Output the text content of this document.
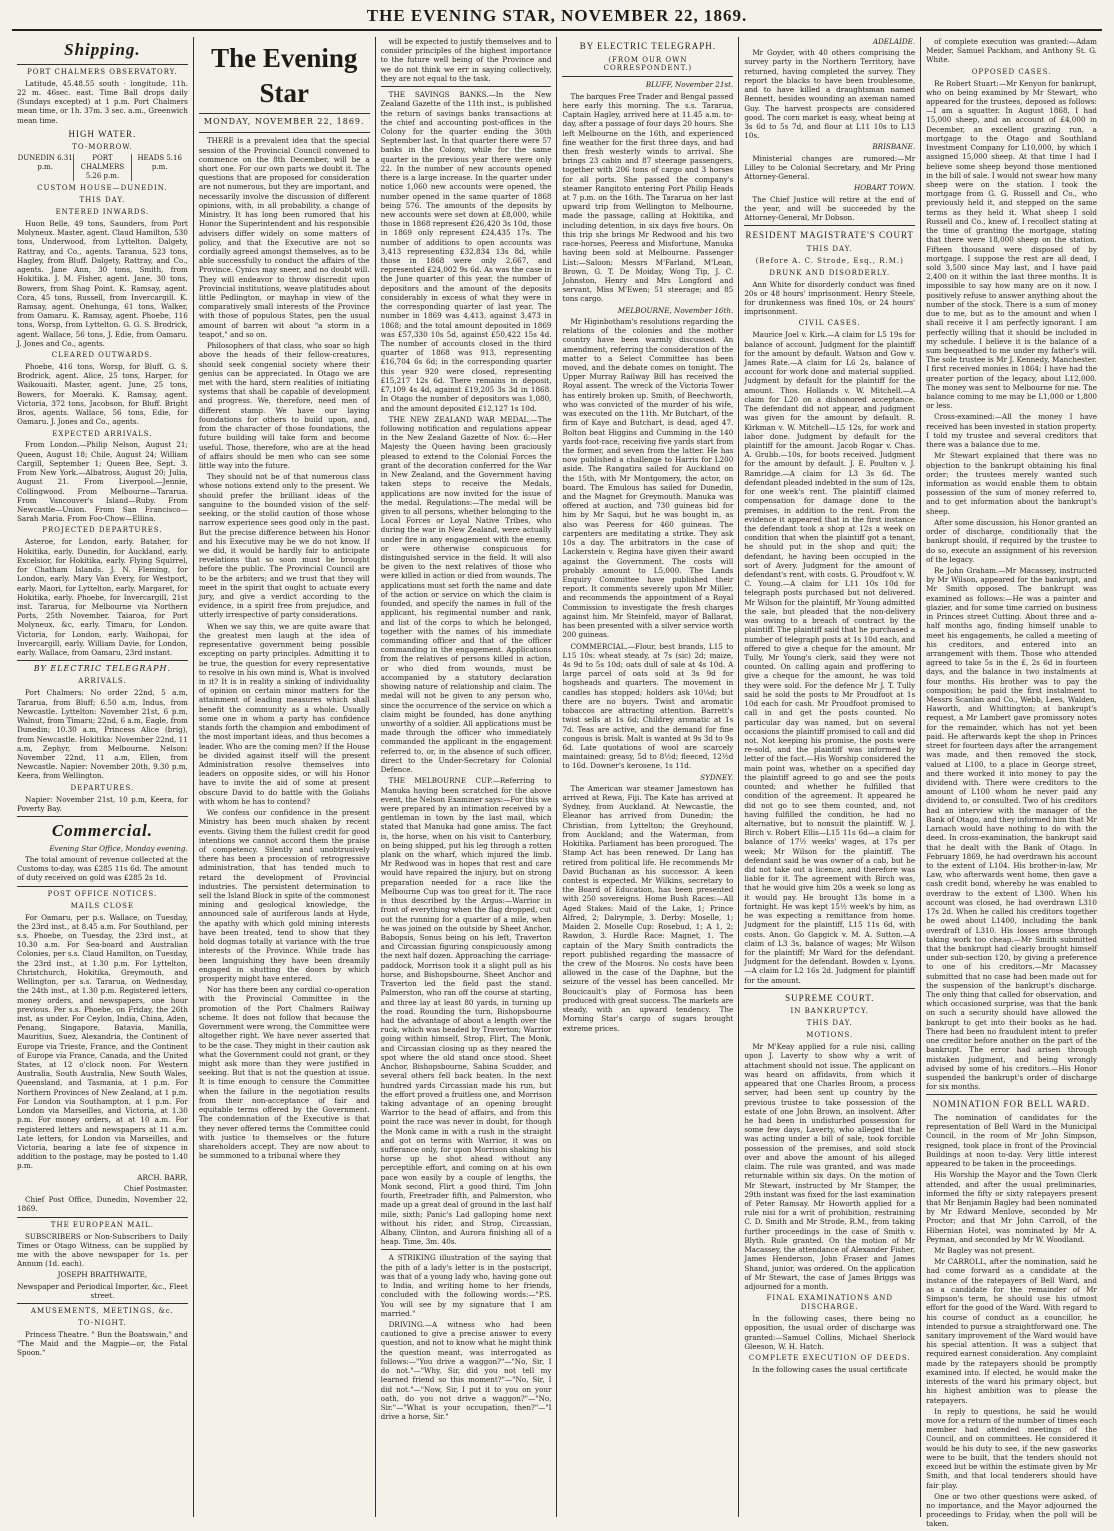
THE EVENING STAR, NOVEMBER 22, 1869.
Shipping.
PORT CHALMERS OBSERVATORY.

Latitude, 45.48.55 south · longitude, 11h. 22 m. 46sec. east. Time Ball drops daily (Sundays excepted) at 1 p.m. Port Chalmers mean time, or 1h. 37m. 3 sec. a.m., Greenwich mean time.

HIGH WATER.
TO-MORROW.
DUNEDIN 6.31 p.m.
PORT CHALMERS 5.26 p.m.
HEADS 5.16 p.m.
CUSTOM HOUSE—DUNEDIN.
THIS DAY.
ENTERED INWARDS.

Huon Belle, 49 tons, Saunders, from Port Molyneux. Master, agent. Claud Hamilton, 530 tons, Underwood, from Lyttelton. Dalgety, Rattray, and Co., agents. Taranua, 523 tons, Hagley, from Bluff. Dalgety, Rattray, and Co., agents. Jane Ann, 30 tons, Smith, from Hokitika. J. M. Fisher, agent. Jane, 30 tons, Bowers, from Shag Point. K. Ramsay, agent. Cora, 45 tons, Russell, from Invercargill. K. Ramsay, agent. Onehunga, 61 tons, Walker, from Oamaru. K. Ramsay, agent. Phoebe, 116 tons, Worsp, from Lyttelton. G. G. S. Brodrick, agent. Wallace, 56 tons, J. Edie, from Oamaru. J. Jones and Co., agents.

CLEARED OUTWARDS.

Phoebe, 416 tons, Worsp, for Bluff. G. S. Brodrick, agent. Alice, 25 tons, Harper, for Waikouaiti. Master, agent. June, 25 tons, Bowers, for Moeraki. K. Ramsay, agent. Victoria, 372 tons, Jacobson, for Bluff. Bright Bros, agents. Wallace, 56 tons, Edie, for Oamaru. J. Jones and Co., agents.

EXPECTED ARRIVALS.

From London.—Philip Nelson, August 21; Queen, August 18; Chile, August 24; William Cargill, September 1; Queen Bee, Sept. 3. From New York.—Albatross, August 20; Julia, August 21. From Liverpool.—Jennie, Collingwood. From Melbourne—Tararua. From Vancouver's Island—Ruby. From Newcastle—Union. From San Francisco—Sarah Maria. From Foo-Chow—Ellina.

PROJECTED DEPARTURES.

Asteroe, for London, early. Bataher, for Hokitika, early. Dunedin, for Auckland, early. Excelsior, for Hokitika, early. Flying Squirrel, for Chatham Islands. J. N. Fleming, for London, early. Mary Van Every, for Westport, early. Maori, for Lyttelton, early. Margaret, for Hokitika, early. Phoebe, for Invercargill, 21st inst. Tararua, for Melbourne via Northern Ports, 25th November. Taiaroa, for Port Molyneux, &c, early. Timaru, for London. Victoria, for London, early. Waihopai, for Invercargill, early. William Davie, for London, early. Wallace, from Oamaru, 23rd instant.

BY ELECTRIC TELEGRAPH.
ARRIVALS.

Port Chalmers: No order 22nd, 5 a.m, Tararua, from Bluff; 6.50 a.m, Indus, from Newcastle. Lyttelton: November 21st, 6 p.m, Walnut, from Timaru; 22nd, 6 a.m, Eagle, from Dunedin; 10.30 a.m, Princess Alice (brig), from Newcastle. Hokitika: November 22nd, 11 a.m, Zephyr, from Melbourne. Nelson: November 22nd, 11 a.m, Ellen, from Newcastle. Napier: November 20th, 9.30 p.m, Keera, from Wellington.

DEPARTURES.

Napier: November 21st, 10 p.m, Keera, for Poverty Bay.

Commercial.

Evening Star Office, Monday evening.

The total amount of revenue collected at the Customs to-day, was £285 11s 6d. The amount of duty received on gold was £285 2s 1d.

POST OFFICE NOTICES.
MAILS CLOSE

For Oamaru, per p.s. Wallace, on Tuesday, the 23rd inst., at 8.45 a.m. For Southland, per s.s. Phoebe, on Tuesday, the 23rd inst., at 10.30 a.m. For Sea-board and Australian Colonies, per s.s. Claud Hamilton, on Tuesday, the 23rd inst., at 1.30 p.m. For Lyttelton, Christchurch, Hokitika, Greymouth, and Wellington, per s.s. Tararua, on Wednesday, the 24th inst., at 1.30 p.m. Registered letters, money orders, and newspapers, one hour previous. Per s.s. Phoebe, on Friday, the 26th inst, as under. For Ceylon, India, China, Aden, Penang, Singapore, Batavia, Manilla, Mauritius, Suez, Alexandria, the Continent of Europe via Trieste, France, and the Continent of Europe via France, Canada, and the United States, at 12 o'clock noon. For Western Australia, South Australia, New South Wales, Queensland, and Tasmania, at 1 p.m. For Northern Provinces of New Zealand, at 1 p.m. For London via Southampton, at 1 p.m. For London via Marseilles, and Victoria, at 1.30 p.m. For money orders, at at 10 a.m. For registered letters and newspapers at 11 a.m. Late letters, for London via Marseilles, and Victoria, bearing a late fee of sixpence in addition to the postage, may be posted to 1.40 p.m.

ARCH. BARR,

Chief Postmaster.

Chief Post Office, Dunedin, November 22, 1869.

THE EUROPEAN MAIL.

SUBSCRIBERS or Non-Subscribers to Daily Times or Otago Witness, can be supplied by me with the above newspaper for 1s. per Annum (1d. each).

JOSEPH BRAITHWAITE,

Newspaper and Periodical Importer, &c., Fleet street.

AMUSEMENTS, MEETINGS, &c.
TO-NIGHT.

Princess Theatre. " Bun the Boatswain," and "The Maid and the Magpie—or, the Fatal Spoon."

The Evening Star
MONDAY, NOVEMBER 22, 1869.

THERE is a prevalent idea that the special session of the Provincial Council convened to commence on the 8th December, will be a short one. For our own parts we doubt it. The questions that are proposed for consideration are not numerous, but they are important, and necessarily involve the discussion of different opinions, with, in all probability, a change of Ministry. It has long been rumored that his Honor the Superintendent and his responsible advisers differ widely on some matters of policy, and that the Executive are not so cordially agreed amongst themselves, as to be able successfully to conduct the affairs of the Province. Cynics may sneer, and no doubt will. They will endeavor to throw discredit upon Provincial institutions, weave platitudes about little Pedlington, or mayhap in view of the comparatively small interests of the Province with those of populous States, pen the usual amount of barren wit about "a storm in a teapot," and so on.

Philosophers of that class, who soar so high above the heads of their fellow-creatures, should seek congenial society where their genius can be appreciated. In Otago we are met with the hard, stern realities of initiating systems that shall be capable of development and progress. We, therefore, need men of different stamp. We have our laying foundations for others to build upon, and, from the character of those foundations, the future building will take form and become useful. Those, therefore, who are at the head of affairs should be men who can see some little way into the future.

They should not be of that numerous class whose notions extend only to the present. We should prefer the brilliant ideas of the sanguine to the bounded vision of the self-seeking, or the stolid caution of those whose narrow experience sees good only in the past. But the precise difference between his Honor and his Executive may be we do not know. If we did, it would be hardly fair to anticipate revelations that so soon must be brought before the public. The Provincial Council are to be the arbiters; and we trust that they will meet in the spirit that ought to actuate every jury, and give a verdict according to the evidence, in a spirit free from prejudice, and utterly irrespective of party considerations.

When we say this, we are quite aware that the greatest men laugh at the idea of representative government being possible excepting on party principles. Admitting it to be true, the question for every representative to resolve in his own mind is, What is involved in it? It is in reality a sinking of individuality of opinion on certain minor matters for the attainment of leading measures which shall benefit the community as a whole. Usually some one in whom a party has confidence stands forth the champion and embodiment of the most important ideas, and thus becomes a leader. Who are the coming men? If the House be divided against itself will the present Administration resolve themselves into leaders on opposite sides, or will his Honor have to invite the aid of some at present obscure David to do battle with the Goliahs with whom he has to contend?

We confess our confidence in the present Ministry has been much shaken by recent events. Giving them the fullest credit for good intentions we cannot accord them the praise of competency. Silently and unobtrusively there has been a procession of retrogressive administration, that has tended much to retard the development of Provincial industries. The persistent determination to sell the Island Block in spite of the commonest mining and geological knowledge, the announced sale of auriferous lands at Hyde, the apathy with which gold mining interests have been treated, tend to show that they hold dogmas totally at variance with the true interests of the Province. While trade has been languishing they have been dreamily engaged in shutting the doors by which prosperity might have entered.

Nor has there been any cordial co-operation with the Provincial Committee in the promotion of the Port Chalmers Railway scheme. It does not follow that because the Government were wrong, the Committee were altogether right. We have never asserted that to be the case. They might in their caution ask what the Government could not grant, or they might ask more than they were justified in seeking. But that is not the question at issue. It is time enough to censure the Committee when the failure in the negotiation results from their non-acceptance of fair and equitable terms offered by the Government. The condemnation of the Executive is that they never offered terms the Committee could with justice to themselves or the future shareholders accept. They are now about to be summoned to a tribunal where they

will be expected to justify themselves and to consider principles of the highest importance to the future well being of the Province and we do not think we err in saying collectively, they are not equal to the task.

THE SAVINGS BANKS.—In the New Zealand Gazette of the 11th inst., is published the return of savings banks transactions at the chief and accounting post-offices in the Colony for the quarter ending the 30th September last. In that quarter there were 57 banks in the Colony, while for the same quarter in the previous year there were only 22. In the number of new accounts opened there is a large increase. In the quarter under notice 1,060 new accounts were opened, the number opened in the same quarter of 1868 being 576. The amounts of the deposits by new accounts were set down at £8,000, while those in 1868 represent £26,420 3s 10d, those in 1869 only represent £24,435 17s. The number of additions to open accounts was 3,413 representing £32,834 13s 8d, while those in 1868 were only 2,667, and represented £24,002 9s 6d. As was the case in the June quarter of this year, the number of depositors and the amount of the deposits considerably in excess of what they were in the corresponding quarter of last year. The number in 1869 was 4,413, against 3,473 in 1868; and the total amount deposited in 1869 was £57,330 10s 5d, against £50,422 15s 4d. The number of accounts closed in the third quarter of 1868 was 913, representing £16,704 6s 6d; in the corresponding quarter this year 920 were closed, representing £15,217 12s 6d. There remains in deposit, £7,109 4s 4d, against £19,205 3s 3d in 1868. In Otago the number of depositors was 1,080, and the amount deposited £12,127 1s 10d.

THE NEW ZEALAND WAR MEDAL.—The following notification and regulations appear in the New Zealand Gazette of Nov. 6:—Her Majesty the Queen having been graciously pleased to extend to the Colonial Forces the grant of the decoration conferred for the War in New Zealand, and the Government having taken steps to receive the Medals, applications are now invited for the issue of the medal. Regulations:—The medal will be given to all persons, whether belonging to the Local Forces or Loyal Native Tribes, who during the war in New Zealand, were actually under fire in any engagement with the enemy, or were otherwise conspicuous for distinguished service in the field. It will also be given to the next relatives of those who were killed in action or died from wounds. The applications must set forth the name and date of the action or service on which the claim is founded, and specify the names in full of the applicant, his regimental number and rank, and list of the corps to which he belonged, together with the names of his immediate commanding officer and that of the officer commanding in the engagement. Applications from the relatives of persons killed in action, or who died from wounds, must be accompanied by a statutory declaration showing nature of relationship and claim. The medal will not be given to any person who, since the occurrence of the service on which a claim might be founded, has done anything unworthy of a soldier. All applications must be made through the officer who immediately commanded the applicant in the engagement referred to, or, in the absence of such officer, direct to the Under-Secretary for Colonial Defence.

THE MELBOURNE CUP.—Referring to Manuka having been scratched for the above event, the Nelson Examiner says:—For this we were prepared by an intimation received by a gentleman in town by the last mail, which stated that Manuka had gone amiss. The fact is, the horse, when on his visit to Canterbury, on being shipped, put his leg through a rotten plank on the wharf, which injured the limb. Mr Redwood was in hopes that rest and care would have repaired the injury, but on strong preparation needed for a race like the Melbourne Cup was too great for it. The race is thus described by the Argus:—Warrior in front of everything when the flag dropped, cut out the running for a quarter of a mile, when he was joined on the outside by Sheet Anchor, Babopsis, Sonus being on his left, Traverton and Circassian figuring conspicuously among the next half dozen. Approaching the carriage-paddock, Morrison took it a slight pull as his horse, and Bishopsbourne, Sheet Anchor and Traverton led the field past the stand. Palmerston, who ran off the course at starting, and three lay at least 80 yards, in turning up the road. Rounding the turn, Bishopsbourne had the advantage of about a length over the ruck, which was headed by Traverton; Warrior going within himself, Strop, Flirt, The Monk, and Circassian closing up as they neared the spot where the old stand once stood. Sheet Anchor, Bishopsbourne, Sabina Scudder, and several others fell back beaten. In the next hundred yards Circassian made his run, but the effort proved a fruitless one, and Morrison taking advantage of an opening brought Warrior to the head of affairs, and from this point the race was never in doubt, for though the Monk came in with a rush in the straight and got on terms with Warrior, it was on sufferance only, for upon Morrison shaking his horse up he shot ahead without any perceptible effort, and coming on at his own pace won easily by a couple of lengths, the Monk second, Flirt a good third, Tim John fourth, Freetrader fifth, and Palmerston, who made up a great deal of ground in the last half mile, sixth; Panic's Lad galloping home next without his rider, and Strop, Circassian, Albany, Clinton, and Aurora finishing all of a heap. Time, 3m. 40s.

A STRIKING illustration of the saying that the pith of a lady's letter is in the postscript, was that of a young lady who, having gone out to India, and writing home to her friends, concluded with the following words:—"P.S. You will see by my signature that I am married."

DRIVING.—A witness who had been cautioned to give a precise answer to every question, and not to know what he might think the question meant, was interrogated as follows:—"You drive a waggon?"—"No, Sir, I do not."—"Why, Sir, did you not tell my learned friend so this moment?"—"No, Sir, I did not."—"Now, Sir, I put it to you on your oath, do you not drive a waggon?"—"No, Sir."—"What is your occupation, then?"—"I drive a horse, Sir."

BY ELECTRIC TELEGRAPH.
(FROM OUR OWN CORRESPONDENT.)

BLUFF, November 21st.

The barques Free Trader and Bengal passed here early this morning. The s.s. Tararua, Captain Hagley, arrived here at 11.45 a.m. to-day, after a passage of four days 20 hours. She left Melbourne on the 16th, and experienced fine weather for the first three days, and had then fresh westerly winds to arrival. She brings 23 cabin and 87 steerage passengers, together with 206 tons of cargo and 3 horses for all ports. She passed the company's steamer Rangitoto entering Port Philip Heads at 7 p.m. on the 16th. The Tararua on her last upward trip from Wellington to Melbourne, made the passage, calling at Hokitika, and including detention, in six days five hours. On this trip she brings Mr Redwood and his two race-horses, Peeress and Misfortune, Manuka having been sold at Melbourne. Passenger List:—Saloon: Messrs M'Farland, M'Lean, Brown, G. T. De Moiday, Wong Tip, J. C. Johnston, Henry and Mrs Longford and servant, Miss M'Ewen; 51 steerage; and 85 tons cargo.

MELBOURNE, November 16th.

Mr Higinbotham's resolutions regarding the relations of the colonies and the mother country have been warmly discussed. An amendment, referring the consideration of the matter to a Select Committee has been moved, and the debate comes on tonight. The Upper Murray Railway Bill has received the Royal assent. The wreck of the Victoria Tower has entirely broken up. Smith, of Beechworth, who was convicted of the murder of his wife, was executed on the 11th. Mr Butchart, of the firm of Kaye and Butchart, is dead, aged 47. Bolton beat Higgins and Cumming in the 140 yards foot-race, receiving five yards start from the former, and seven from the latter. He has now published a challenge to Harris for L200 aside. The Rangatira sailed for Auckland on the 15th, with Mr Montgomery, the actor, on board. The Emulous has sailed for Dunedin, and the Magnet for Greymouth. Manuka was offered at auction, and 730 guineas bid for him by Mr Saqui, but he was bought in, as also was Peeress for 460 guineas. The carpenters are meditating a strike. They ask 10s a day. The arbitrators in the case of Lackerstein v. Regina have given their award against the Government. The costs will probably amount to L5,000. The Lands Enquiry Committee have published their report. It comments severely upon Mr Miller, and recommends the appointment of a Royal Commission to investigate the fresh charges against him. Mr Steinfeld, mayor of Ballarat, has been presented with a silver service worth 200 guineas.

COMMERCIAL.—Flour, best brands, L15 to L15 10s: wheat steady, at 7s (sic) 2d; maize, 4s 9d to 5s 10d; oats dull of sale at 4s 10d. A large parcel of oats sold at 3s 9d for hogsheads and quarters. The movement in candles has stopped; holders ask 10¼d; but there are no buyers. Twist and aromatic tobaccos are attracting attention. Barrett's twist sells at 1s 6d; Childrey aromatic at 1s 7d. Teas are active, and the demand for fine congous is brisk. Malt is wanted at 9s 3d to 9s 6d. Late quotations of wool are scarcely maintained: greasy, 5d to 8½d; fleeced, 12½d to 16d. Downer's kerosene, 1s 11d.

SYDNEY.

The American war steamer Jamestown has arrived at Rewa, Fiji. The Kate has arrived at Sydney, from Auckland. At Newcastle, the Eleanor has arrived from Dunedin; the Christian, from Lyttelton; the Greyhound, from Auckland; and the Waterman, from Hokitika. Parliament has been prorogued. The Stamp Act has been renewed. Dr Lang has retired from political life. He recommends Mr David Buchanan as his successor. A keen contest is expected. Mr Wilkins, secretary to the Board of Education, has been presented with 250 sovereigns. Home Bush Races:—All Aged Stakes: Maid of the Lake, 1; Prince Alfred, 2; Dalrymple, 3. Derby: Moselle, 1; Maiden 2. Moselle Cup: Rosebud, 1; A 1, 2; Rawdon, 3. Hurdle Race: Magnet, 1. The captain of the Mary Smith contradicts the report published regarding the massacre of the crew of the Mosros. No costs have been allowed in the case of the Daphne, but the seizure of the vessel has been cancelled. Mr Boucicault's play of Formosa has been produced with great success. The markets are steady, with an upward tendency. The Morning Star's cargo of sugars brought extreme prices.

ADELAIDE.

Mr Goyder, with 40 others comprising the survey party in the Northern Territory, have returned, having completed the survey. They report the blacks to have been troublesome, and to have killed a draughtsman named Bennett, besides wounding an axeman named Guy. The harvest prospects are considered good. The corn market is easy, wheat being at 3s 6d to 5s 7d, and flour at L11 10s to L13 10s.

BRISBANE.

Ministerial changes are rumored:—Mr Lilley to be Colonial Secretary, and Mr Pring Attorney-General.

HOBART TOWN.

The Chief Justice will retire at the end of the year, and will be succeeded by the Attorney-General, Mr Dobson.

RESIDENT MAGISTRATE'S COURT
THIS DAY.
(Before A. C. Strode, Esq., R.M.)
DRUNK AND DISORDERLY.

Ann White for disorderly conduct was fined 20s or 48 hours' imprisonment. Henry Steele, for drunkenness was fined 10s, or 24 hours' imprisonment.

CIVIL CASES.

Maurice Joel v. Kirk.—A claim for L5 19s for balance of account. Judgment for the plaintiff for the amount by default. Watson and Gow v. James Rate.—A claim for L6 2s, balance of account for work done and material supplied. Judgment by default for the plaintiff for the amount. Thos. Hollands v. W. Mitchell.—A claim for L20 on a dishonored acceptance. The defendant did not appear, and judgment was given for the amount by default. R. Kirkman v. W. Mitchell—L5 12s, for work and labor done. Judgment by default for the plaintiff for the amount. Jacob Rogar v. Chas. A. Grubb.—10s, for boots received. Judgment for the amount by default. J. E. Poulton v. J. Ramridge.—A claim for L3 3s 6d. The defendant pleaded indebted in the sum of 12s, for one week's rent. The plaintiff claimed compensation for damage done to the premises, in addition to the rent. From the evidence it appeared that in the first instance the defendant took a shop at 12s a week on condition that when the plaintiff got a tenant, he should put in the shop and quit; the defendant, he having been occupied in the sort of Avery. Judgment for the amount of defendant's rent, with costs. G. Proudfoot v. W. C. Young.—A claim for L11 10s 10d for telegraph posts purchased but not delivered. Mr Wilson for the plaintiff, Mr Young admitted the sale, but pleaded that the non-delivery was owing to a breach of contract by the plaintiff. The plaintiff said that he purchased a number of telegraph posts at 1s 10d each, and offered to give a cheque for the amount. Mr Tully, Mr Young's clerk, said they were not counted. On calling again and proffering to give a cheque for the amount, he was told they were sold. For the defence Mr J. T. Tully said he sold the posts to Mr Proudfoot at 1s 10d each for cash. Mr Proudfoot promised to call in and get the posts counted. No particular day was named, but on several occasions the plaintiff promised to call and did not. Not keeping his promise, the posts were re-sold, and the plaintiff was informed by letter of the fact.—His Worship considered the main point was, whether on a specified day the plaintiff agreed to go and see the posts counted; and whether he fulfilled that condition of the agreement. It appeared he did not go to see them counted, and, not having fulfilled the condition, he had no alternative, but to nonsuit the plaintiff. W. J. Birch v. Robert Ellis—L15 11s 6d—a claim for balance of 17½ weeks' wages, at 17s per week; Mr Wilson for the plaintiff. The defendant said he was owner of a cab, but he did not take out a licence, and therefore was liable for it. The agreement with Birch was, that he would give him 20s a week so long as it would pay. He brought 13s home in a fortnight. He was kept 15½ week's by him, as he was expecting a remittance from home. Judgment for the plaintiff, L15 11s 6d, with costs. Anon. Go Gapgick v. M. A. Sutton.—A claim of L3 3s, balance of wages; Mr Wilson for the plaintiff; Mr Ward for the defendant. Judgment for the defendant. Bowden v. Lyons.—A claim for L2 16s 2d. Judgment for plaintiff for the amount.

SUPREME COURT.
IN BANKRUPTCY.
THIS DAY.
MOTIONS.

Mr M'Keay applied for a rule nisi, calling upon J. Laverty to show why a writ of attachment should not issue. The applicant on was heard on affidavits, from which it appeared that one Charles Broom, a process server, had been sent up country by the previous trustee to take possession of the estate of one John Brown, an insolvent. After he had been in undisturbed possession for some few days, Laverty, who alleged that he was acting under a bill of sale, took forcible possession of the premises, and sold stock over and above the amount of his alleged claim. The rule was granted, and was made returnable within six days. On the motion of Mr Stewart, instructed by Mr Stamper, the 29th instant was fixed for the last examination of Peter Ramsay. Mr Howorth applied for a rule nisi for a writ of prohibition, restraining C. D. Smith and Mr Strode, R.M., from taking further proceedings in the case of Smith v. Blyth. Rule granted. On the motion of Mr Macassey, the attendance of Alexander Fisher, James Henderson, John Fraser and James Shand, junior, was ordered. On the application of Mr Stewart, the case of James Briggs was adjourned for a month.

FINAL EXAMINATIONS AND DISCHARGE.

In the following cases, there being no opposition, the usual order of discharge was granted:—Samuel Collins, Michael Sherlock Gleeson, W. H. Hatch.

COMPLETE EXECUTION OF DEEDS.

In the following cases the usual certificate

of complete execution was granted:—Adam Meider, Samuel Packham, and Anthony St. G. White.

OPPOSED CASES.

Re Robert Stuart:—Mr Kenyon for bankrupt, who on being examined by Mr Stewart, who appeared for the trustees, deposed as follows:—I am a squatter. In August 1868, I had 15,000 sheep, and an account of £4,000 in December, an excellent grazing run, a mortgage to the Otago and Southland Investment Company for L10,000, by which I assigned 15,000 sheep. At that time I had I believe some sheep beyond those mentioned in the bill of sale. I would not swear how many sheep were on the station. I took the mortgage from G. G. Russell and Co., who previously held it, and stepped on the same terms as they held it. What sheep I sold Russell and Co., knew of. I recollect stating at the time of granting the mortgage, stating that there were 18,000 sheep on the station. Fifteen thousand were disposed of by mortgage. I suppose the rest are all dead, I sold 3,500 since May last, and I have paid 2,400 on it within the last three months. It is impossible to say how many are on it now. I positively refuse to answer anything about the number of the stock. There is a sum of money due to me, but as to the amount and when I shall receive it I am perfectly ignorant. I am perfectly willing that it should be included in my schedule. I believe it is the balance of a sum bequeathed to me under my father's will. The sole trustee is Mr J. Kennedy, Manchester. I first received monies in 1864; I have had the greater portion of the legacy, about L12,000. The money was sent to Melbourne for me. The balance coming to me may be L1,000 or 1,800 or less.

Cross-examined:—All the money I have received has been invested in station property. I told my trustee and several creditors that there was a balance due to me.

Mr Stewart explained that there was no objection to the bankrupt obtaining his final order; the trustees merely wanted such information as would enable them to obtain possession of the sum of money referred to, and to get information about the bankrupt's sheep.

After some discussion, his Honor granted an order of discharge, conditionally that the bankrupt should, if required by the trustee to do so, execute an assignment of his reversion of the legacy.

Re John Graham.—Mr Macassey, instructed by Mr Wilson, appeared for the bankrupt, and Mr Smith opposed. The bankrupt was examined as follows:—He was a painter and glazier, and for some time carried on business in Princes street Cutting. About three and a-half months ago, finding himself unable to meet his engagements, he called a meeting of his creditors, and entered into an arrangement with them. Those who attended agreed to take 5s in the £, 2s 6d in fourteen days, and the balance in two instalments at four months. His brother was to pay the composition; he paid the first instalment to Messrs Scanlan and Co., Webb, Lees, Walden, Haworth, and Whittington; at bankrupt's request, a Mr Lambert gave promissory notes for the remainder, which has not yet been paid. He afterwards kept the shop in Princes street for fourteen days after the arrangement was made, and then removed the stock, valued at L100, to a place in George street, and there worked it into money to pay the dividend with. There were creditors to the amount of L100 whom he never paid any dividend to, or consulted. Two of his creditors had an interview with the manager of the Bank of Otago, and they informed him that Mr Larnach would have nothing to do with the deed. In cross-examination, the bankrupt said that he dealt with the Bank of Otago. In February 1869, he had overdrawn his account to the extent of L104. His brother-in-law, Mr Law, who afterwards went home, then gave a cash credit bond, whereby he was enabled to overdraw to the extent of L300. When his account was closed, he had overdrawn L310 17s 2d. When he called his creditors together he owed about L1400, including the bank overdraft of L310. His losses arose through taking work too cheap.—Mr Smith submitted that the bankrupt had clearly brought himself under sub-section 120, by giving a preference to one of his creditors.—Mr Macassey submitted that no case had been made out for the suspension of the bankrupt's discharge. The only thing that called for observation, and which occasioned surprise, was that the bank on such a security should have allowed the bankrupt to get into their books as he had. There had been no fraudulent intent to prefer one creditor before another on the part of the bankrupt. The error had arisen through mistaken judgment, and being wrongly advised by some of his creditors.—His Honor suspended the bankrupt's order of discharge for six months.

NOMINATION FOR BELL WARD.

The nomination of candidates for the representation of Bell Ward in the Municipal Council, in the room of Mr John Simpson, resigned, took place in front of the Provincial Buildings at noon to-day. Very little interest appeared to be taken in the proceedings.

His Worship the Mayor and the Town Clerk attended, and after the usual preliminaries, informed the fifty or sixty ratepayers present that Mr Benjamin Bagley had been nominated by Mr Edward Menlove, seconded by Mr Proctor; and that Mr John Carroll, of the Hibernian Hotel, was nominated by Mr A. Peyman, and seconded by Mr W. Woodland.

Mr Bagley was not present.

Mr CARROLL, after the nomination, said he had come forward as a candidate at the instance of the ratepayers of Bell Ward, and as a candidate for the remainder of Mr Simpson's term, he should use his utmost effort for the good of the Ward. With regard to his course of conduct as a councillor, he intended to pursue a straightforward one. The sanitary improvement of the Ward would have his special attention. It was a subject that required earnest consideration. Any complaint made by the ratepayers should be promptly examined into. If elected, he would make the interests of the ward his primary object, but his highest ambition was to please the ratepayers.

In reply to questions, he said he would move for a return of the number of times each member had attended meetings of the Council, and on committees. He considered it would be his duty to see, if the new gasworks were to be built, that the tenders should not exceed but be within the estimate given by Mr Smith, and that local tenderers should have fair play.

One or two other questions were asked, of no importance, and the Mayor adjourned the proceedings to Friday, when the poll will be taken.
